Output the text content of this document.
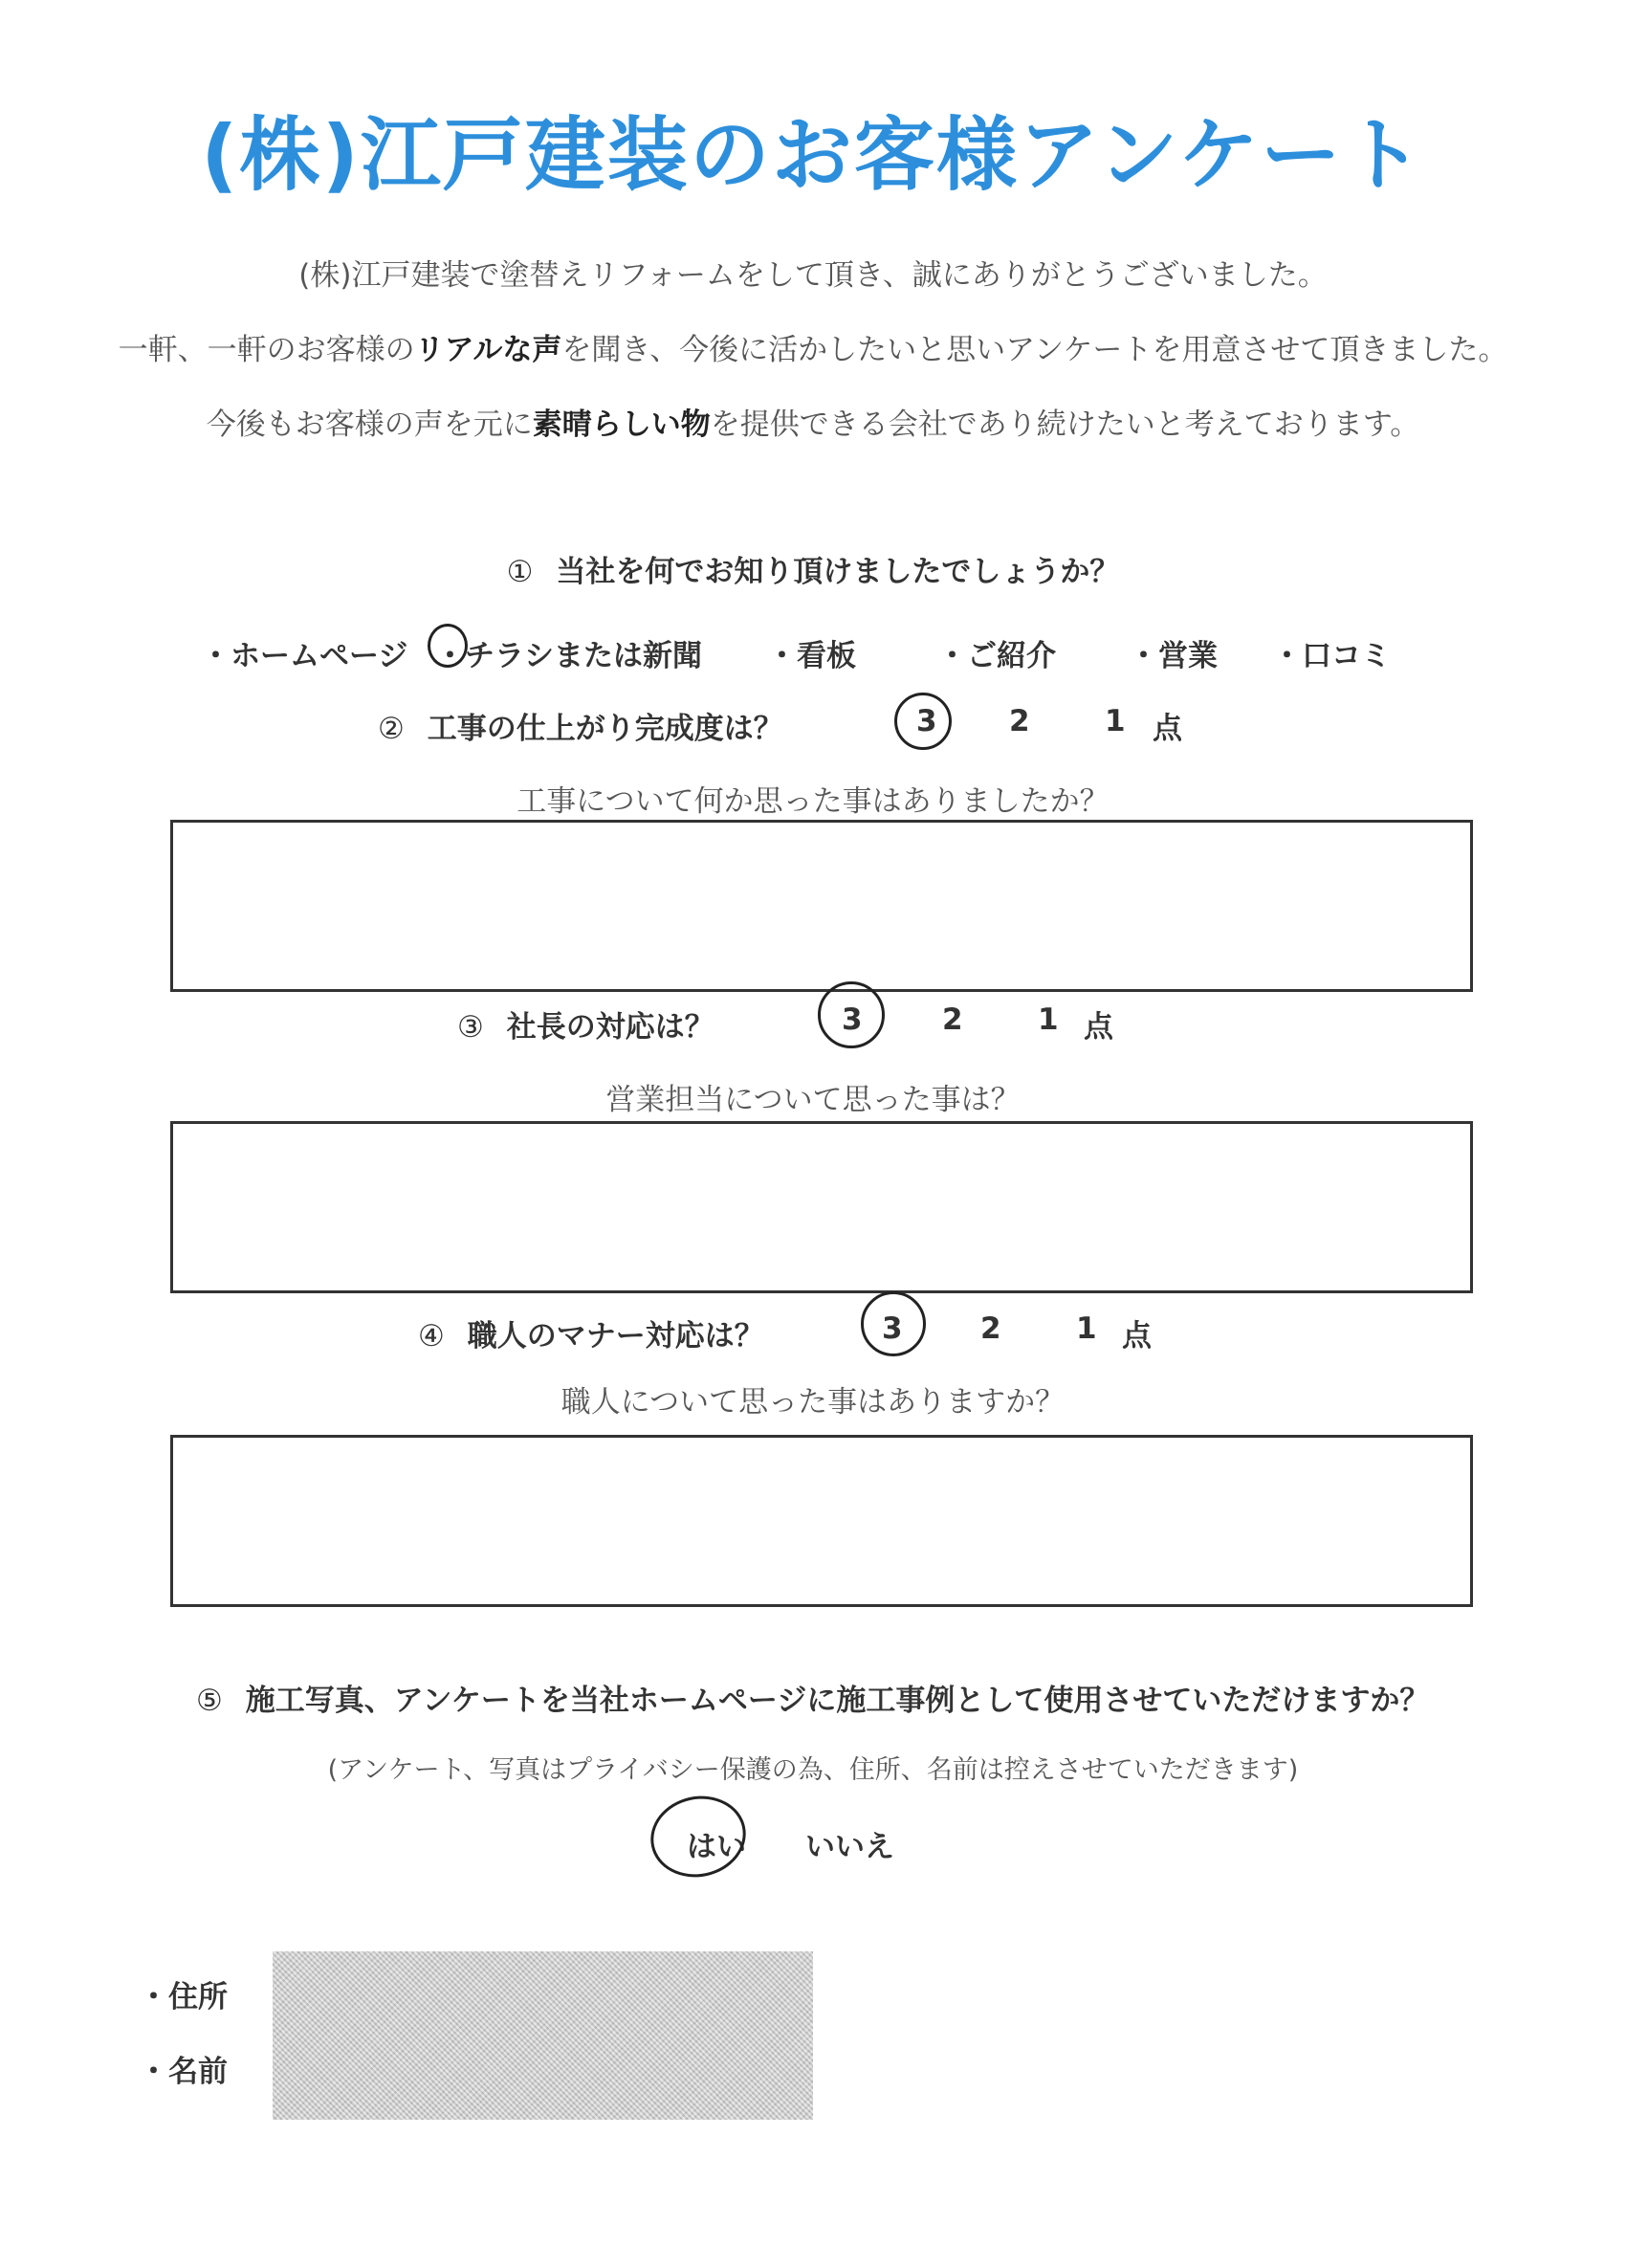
(株)江戸建装のお客様アンケート
(株)江戸建装で塗替えリフォームをして頂き、誠にありがとうございました。
一軒、一軒のお客様のリアルな声を聞き、今後に活かしたいと思いアンケートを用意させて頂きました。
今後もお客様の声を元に素晴らしい物を提供できる会社であり続けたいと考えております。
① 当社を何でお知り頂けましたでしょうか？
・ホームページ ・チラシまたは新聞 ・看板	・ご紹介 ・営業 ・口コミ
② 工事の仕上がり完成度は？	3 2	1 点
工事について何か思った事はありましたか？
③ 社長の対応は？	3	2	1 点
営業担当について思った事は？
④ 職人のマナー対応は？	3	2	1 点
職人について思った事はありますか？
⑤ 施工写真、アンケートを当社ホームページに施工事例として使用させていただけますか？
(アンケート、写真はプライバシー保護の為、住所、名前は控えさせていただきます)
はい いいえ
・住所
・名前
